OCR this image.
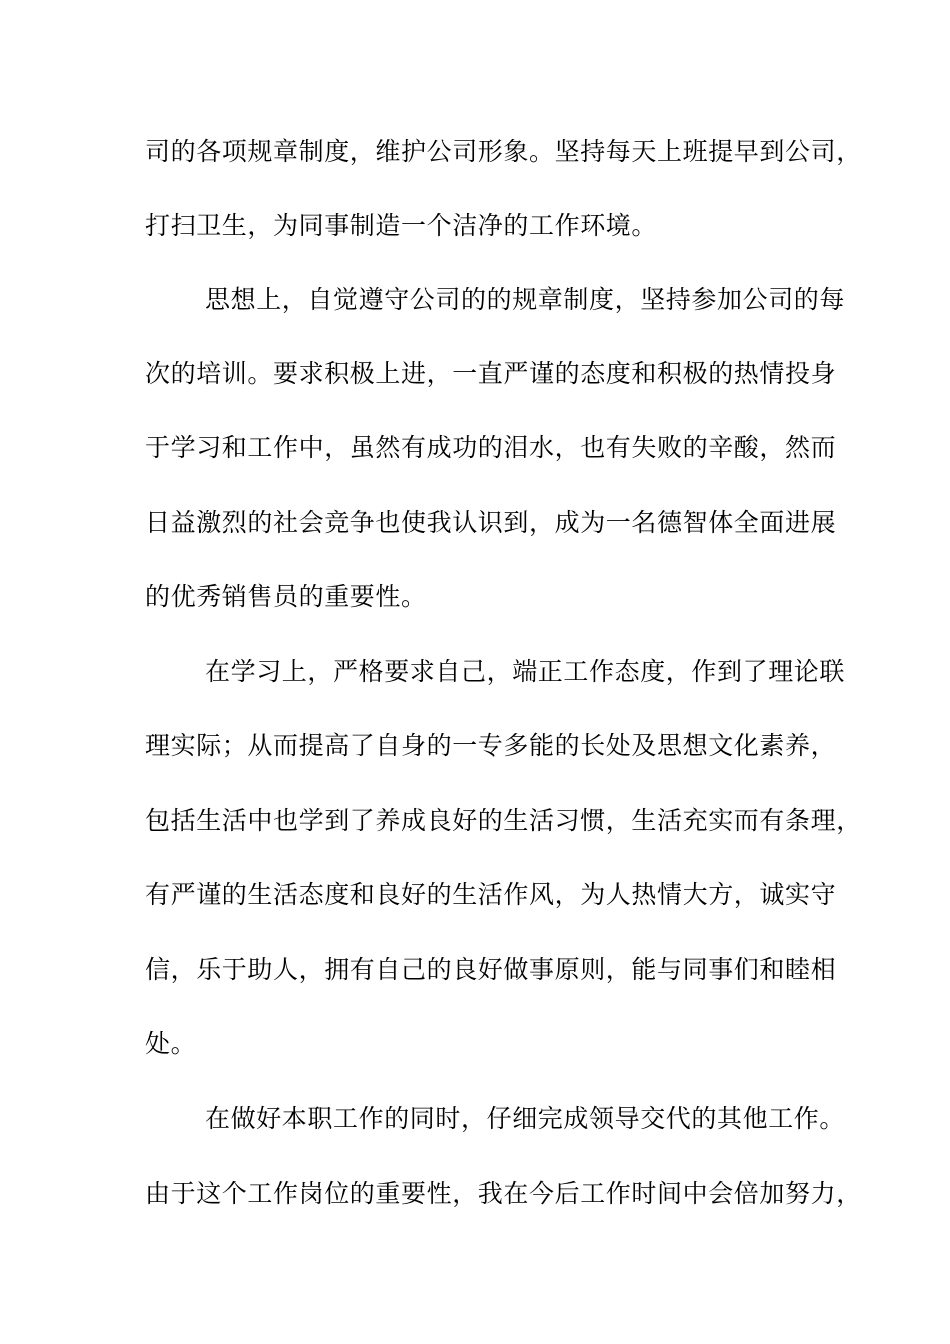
司的各项规章制度，维护公司形象。坚持每天上班提早到公司，

打扫卫生，为同事制造一个洁净的工作环境。

思想上，自觉遵守公司的的规章制度，坚持参加公司的每

次的培训。要求积极上进，一直严谨的态度和积极的热情投身

于学习和工作中，虽然有成功的泪水，也有失败的辛酸，然而

日益激烈的社会竞争也使我认识到，成为一名德智体全面进展

的优秀销售员的重要性。

在学习上，严格要求自己，端正工作态度，作到了理论联

理实际；从而提高了自身的一专多能的长处及思想文化素养，

包括生活中也学到了养成良好的生活习惯，生活充实而有条理，

有严谨的生活态度和良好的生活作风，为人热情大方，诚实守

信，乐于助人，拥有自己的良好做事原则，能与同事们和睦相

处。

在做好本职工作的同时，仔细完成领导交代的其他工作。

由于这个工作岗位的重要性，我在今后工作时间中会倍加努力，
